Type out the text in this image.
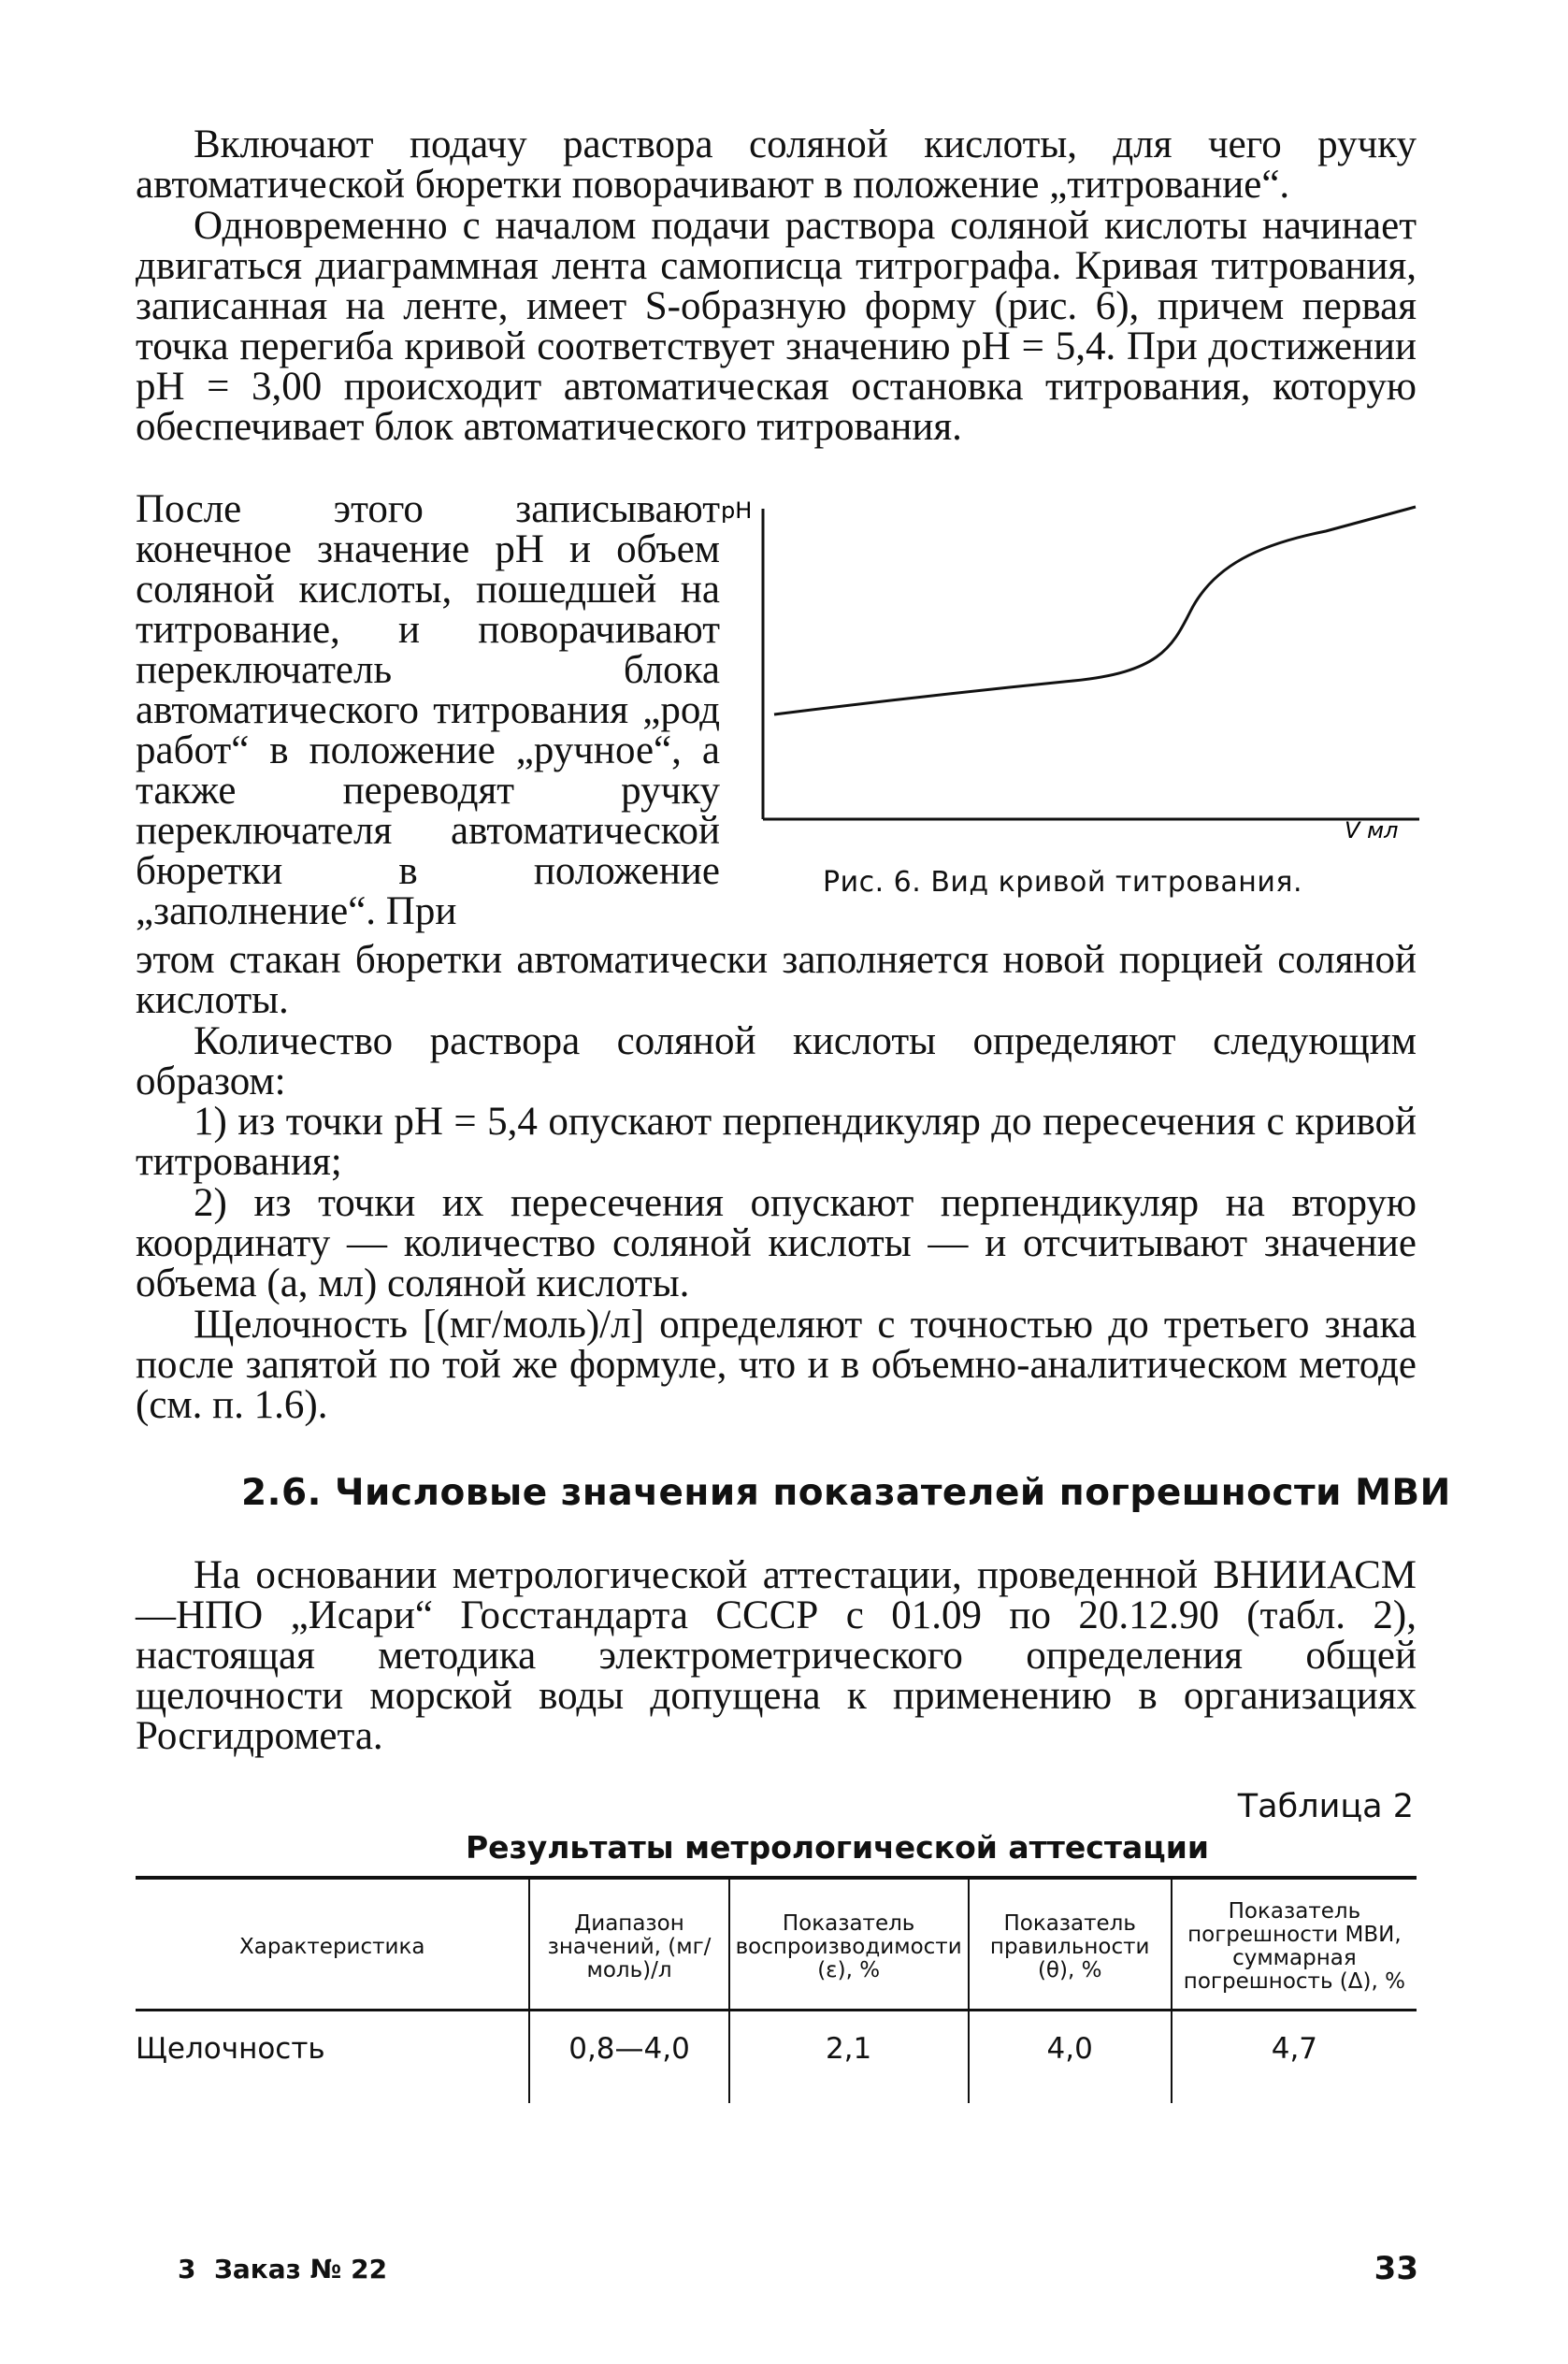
Включают подачу раствора соляной кислоты, для чего ручку автоматической бюретки поворачивают в положение „титрование“.

Одновременно с началом подачи раствора соляной кислоты начинает двигаться диаграммная лента самописца титрографа. Кривая титрования, записанная на ленте, имеет S-образную форму (рис. 6), причем первая точка перегиба кривой соответствует значению pH = 5,4. При достижении pH = 3,00 происходит автоматическая остановка титрования, которую обеспечивает блок автоматического титрования.

После этого записывают конечное значение pH и объем соляной кислоты, пошедшей на титрование, и поворачивают переключатель блока автоматического титрования „род работ“ в положение „ручное“, а также переводят ручку переключателя автоматической бюретки в положение „заполнение“. При

этом стакан бюретки автоматически заполняется новой порцией соляной кислоты.

Количество раствора соляной кислоты определяют следующим образом:

1) из точки pH = 5,4 опускают перпендикуляр до пересечения с кривой титрования;

2) из точки их пересечения опускают перпендикуляр на вторую координату — количество соляной кислоты — и отсчитывают значение объема (а, мл) соляной кислоты.

Щелочность [(мг/моль)/л] определяют с точностью до третьего знака после запятой по той же формуле, что и в объемно-аналитическом методе (см. п. 1.6).

2.6. Числовые значения показателей погрешности МВИ

На основании метрологической аттестации, проведенной ВНИИАСМ—НПО „Исари“ Госстандарта СССР с 01.09 по 20.12.90 (табл. 2), настоящая методика электрометрического определения общей щелочности морской воды допущена к применению в организациях Росгидромета.

pH
V мл
Рис. 6. Вид кривой титрования.
Таблица 2
Результаты метрологической аттестации
Характеристика	Диапазон значений, (мг/моль)/л	Показатель воспроизводимости (ε), %	Показатель правильности (θ), %	Показатель погрешности МВИ, суммарная погрешность (Δ), %
Щелочность	0,8—4,0	2,1	4,0	4,7
3  Заказ № 22	33
